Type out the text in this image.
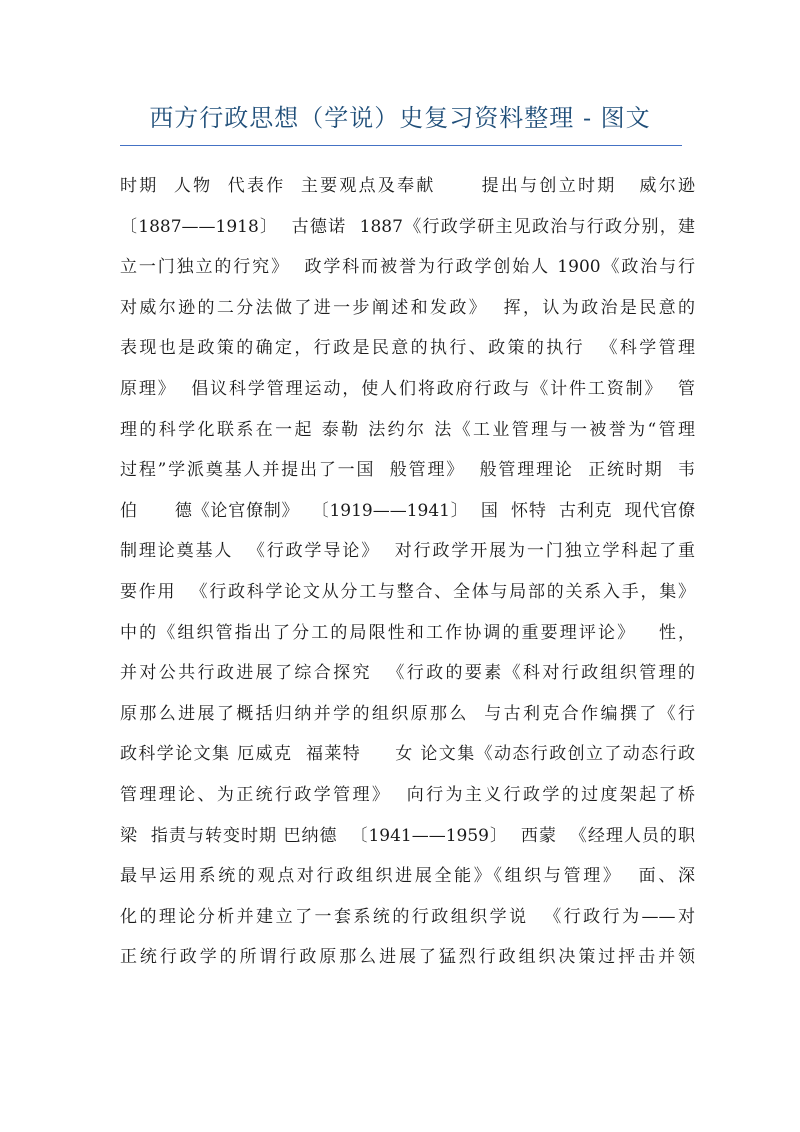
西方行政思想（学说）史复习资料整理 - 图文
时期  人物  代表作  主要观点及奉献      提出与创立时期   威尔逊
〔1887——1918〕  古德诺  1887《行政学研主见政治与行政分别，建
立一门独立的行究》  政学科而被誉为行政学创始人 1900《政治与行
对威尔逊的二分法做了进一步阐述和发政》  挥，认为政治是民意的
表现也是政策的确定，行政是民意的执行、政策的执行  《科学管理
原理》  倡议科学管理运动，使人们将政府行政与《计件工资制》  管
理的科学化联系在一起 泰勒 法约尔 法《工业管理与一被誉为“管理
过程”学派奠基人并提出了一国  般管理》  般管理理论  正统时期  韦
伯      德《论官僚制》  〔1919——1941〕  国  怀特  古利克  现代官僚
制理论奠基人  《行政学导论》  对行政学开展为一门独立学科起了重
要作用  《行政科学论文从分工与整合、全体与局部的关系入手，集》
中的《组织管指出了分工的局限性和工作协调的重要理评论》   性，
并对公共行政进展了综合探究  《行政的要素《科对行政组织管理的
原那么进展了概括归纳并学的组织原那么  与古利克合作编撰了《行
政科学论文集 厄威克  福莱特     女 论文集《动态行政创立了动态行政
管理理论、为正统行政学管理》  向行为主义行政学的过度架起了桥
梁  指责与转变时期 巴纳德  〔1941——1959〕  西蒙  《经理人员的职
最早运用系统的观点对行政组织进展全能》《组织与管理》  面、深
化的理论分析并建立了一套系统的行政组织学说  《行政行为——对
正统行政学的所谓行政原那么进展了猛烈行政组织决策过抨击并领
